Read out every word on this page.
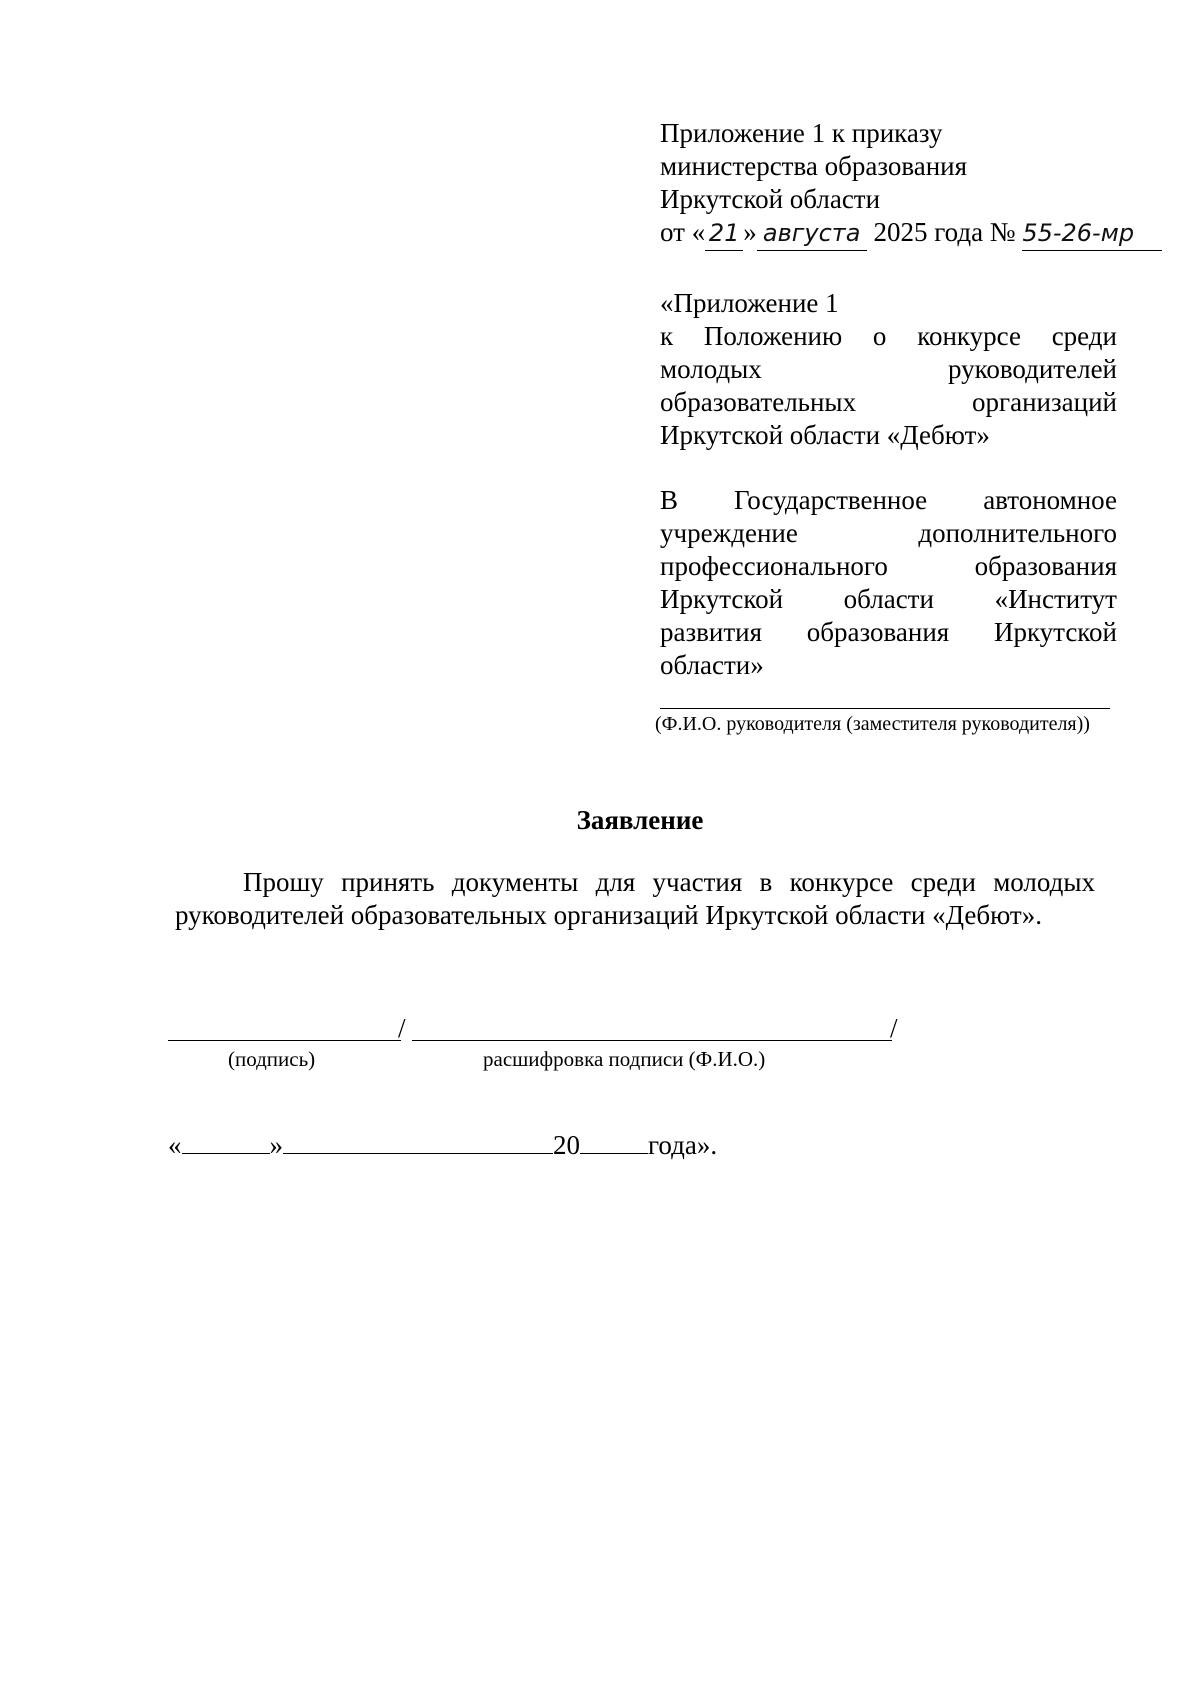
Приложение 1 к приказу
министерства образования
Иркутской области
от « 21 » августа 2025 года № 55-26-мр
«Приложение 1
к Положению о конкурсе среди
молодых руководителей
образовательных организаций
Иркутской области «Дебют»
В Государственное автономное
учреждение дополнительного
профессионального образования
Иркутской области «Институт
развития образования Иркутской
области»
(Ф.И.О. руководителя (заместителя руководителя))
Заявление
Прошу принять документы для участия в конкурсе среди молодых
руководителей образовательных организаций Иркутской области «Дебют».
/	/
(подпись)	расшифровка подписи (Ф.И.О.)
«	»	20	года».
